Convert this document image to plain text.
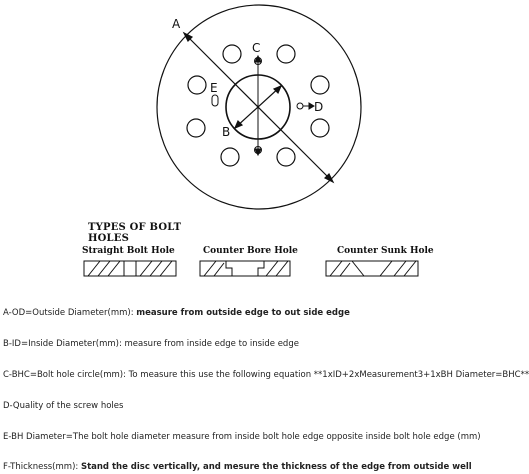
A
B
C
D
E
TYPES OF BOLT HOLES
Straight Bolt Hole	Counter Bore Hole	Counter Sunk Hole
A-OD=Outside Diameter(mm): measure from outside edge to out side edge
B-ID=Inside Diameter(mm): measure from inside edge to inside edge
C-BHC=Bolt hole circle(mm): To measure this use the following equation **1xID+2xMeasurement3+1xBH Diameter=BHC**
D-Quality of the screw holes
E-BH Diameter=The bolt hole diameter measure from inside bolt hole edge opposite inside bolt hole edge (mm)
F-Thickness(mm): Stand the disc vertically, and mesure the thickness of the edge from outside well
